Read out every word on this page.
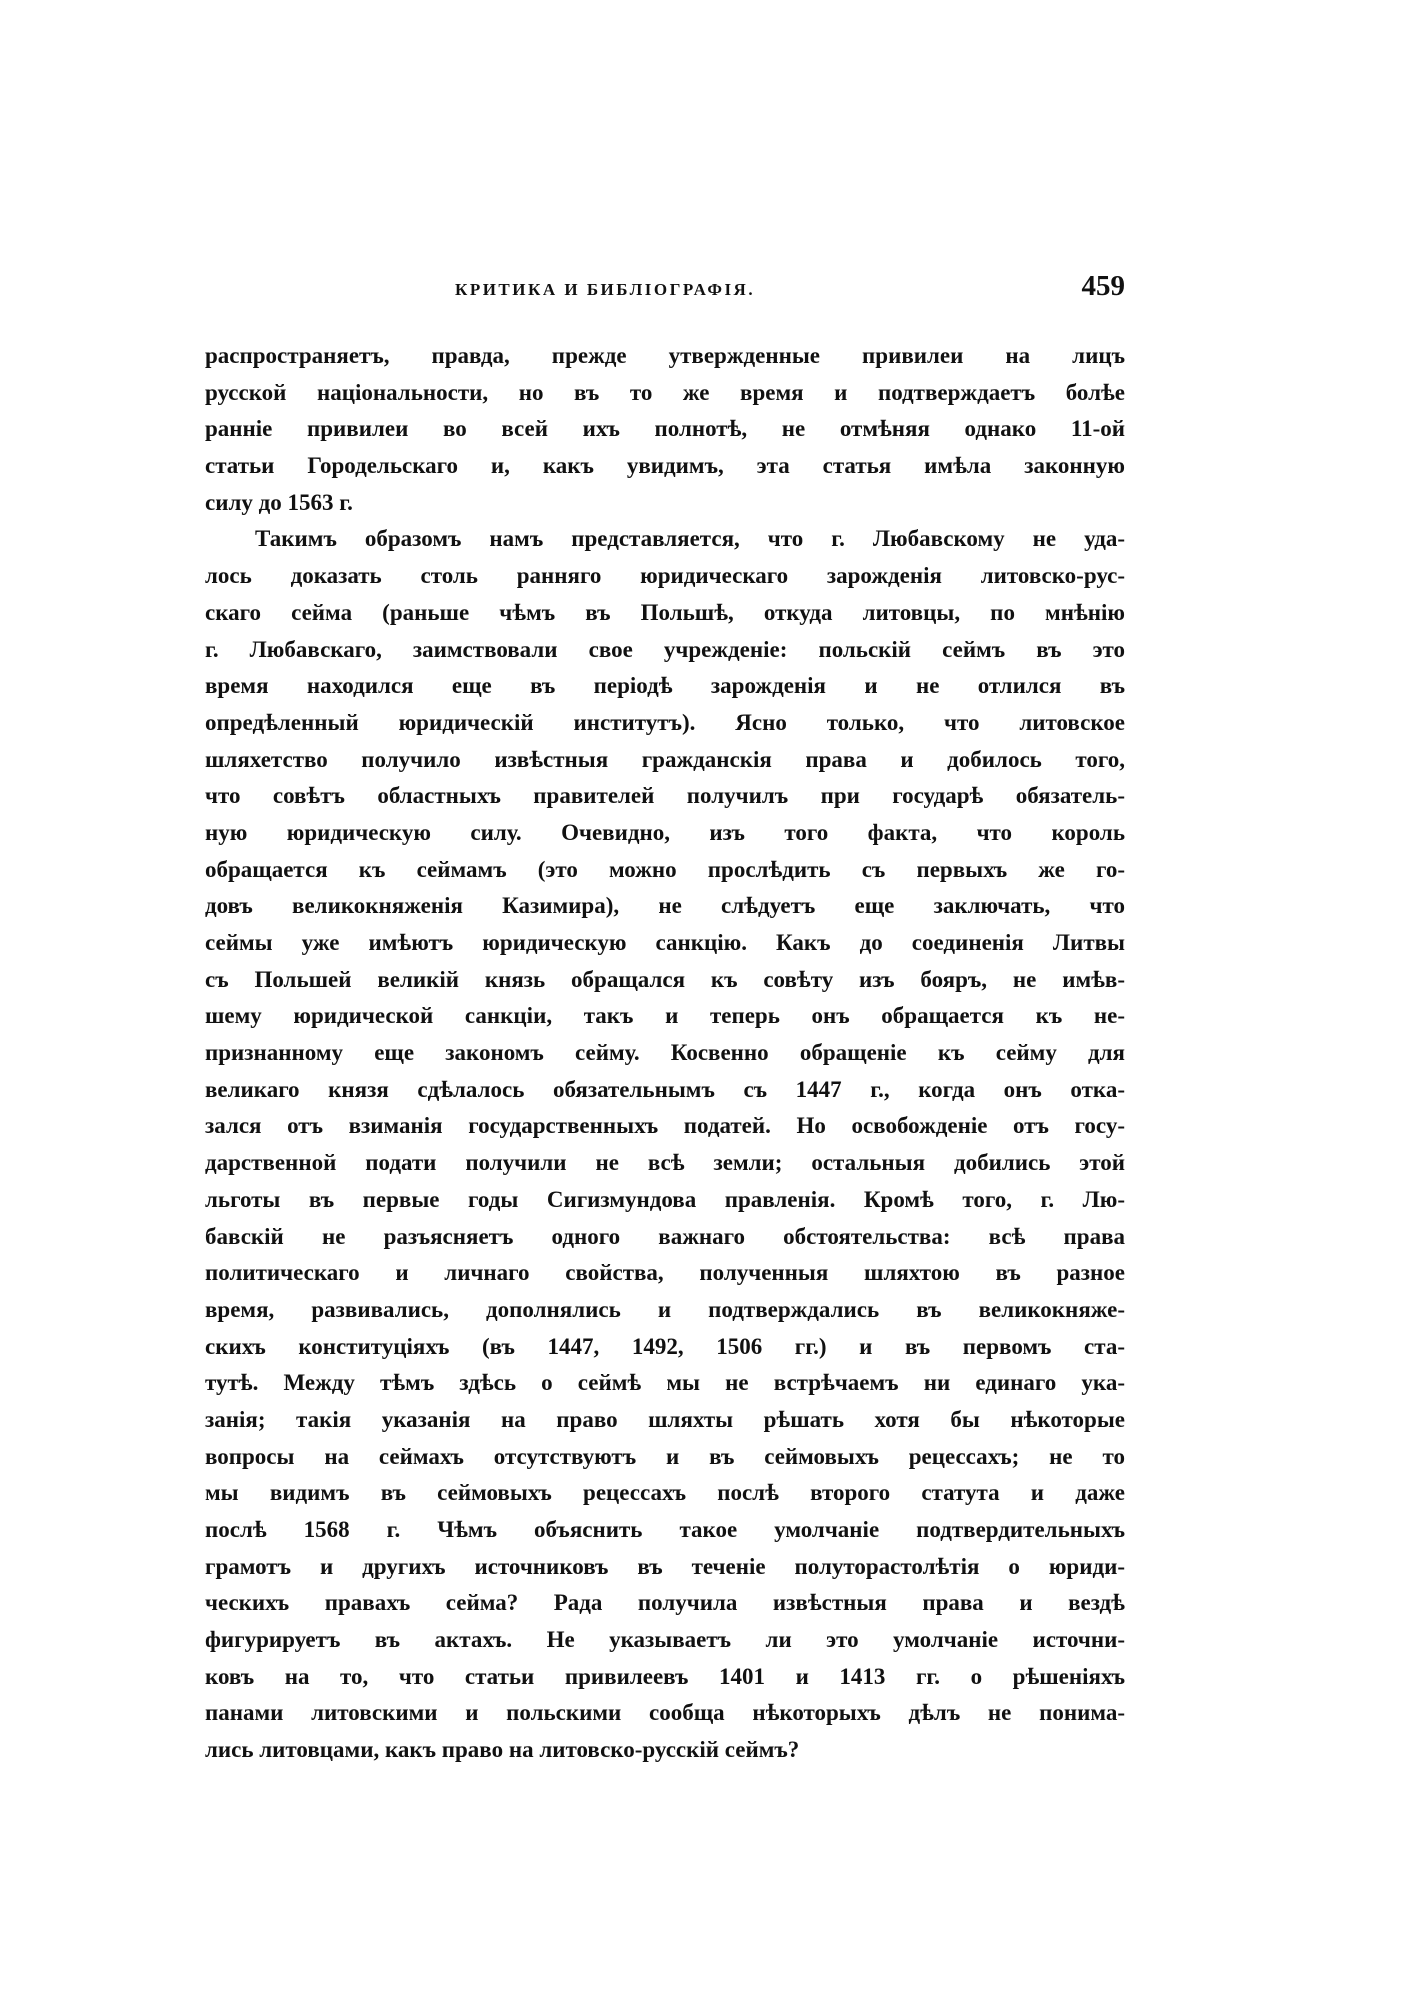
КРИТИКА И БИБЛІОГРАФІЯ.	459
распространяетъ, правда, прежде утвержденные привилеи на лицъ
русской національности, но въ то же время и подтверждаетъ болѣе
ранніе привилеи во всей ихъ полнотѣ, не отмѣняя однако 11-ой
статьи Городельскаго и, какъ увидимъ, эта статья имѣла законную
силу до 1563 г.
Такимъ образомъ намъ представляется, что г. Любавскому не уда-
лось доказать столь ранняго юридическаго зарожденія литовско-рус-
скаго сейма (раньше чѣмъ въ Польшѣ, откуда литовцы, по мнѣнію
г. Любавскаго, заимствовали свое учрежденіе: польскій сеймъ въ это
время находился еще въ періодѣ зарожденія и не отлился въ
опредѣленный юридическій институтъ). Ясно только, что литовское
шляхетство получило извѣстныя гражданскія права и добилось того,
что совѣтъ областныхъ правителей получилъ при государѣ обязатель-
ную юридическую силу. Очевидно, изъ того факта, что король
обращается къ сеймамъ (это можно прослѣдить съ первыхъ же го-
довъ великокняженія Казимира), не слѣдуетъ еще заключать, что
сеймы уже имѣютъ юридическую санкцію. Какъ до соединенія Литвы
съ Польшей великій князь обращался къ совѣту изъ бояръ, не имѣв-
шему юридической санкціи, такъ и теперь онъ обращается къ не-
признанному еще закономъ сейму. Косвенно обращеніе къ сейму для
великаго князя сдѣлалось обязательнымъ съ 1447 г., когда онъ отка-
зался отъ взиманія государственныхъ податей. Но освобожденіе отъ госу-
дарственной подати получили не всѣ земли; остальныя добились этой
льготы въ первые годы Сигизмундова правленія. Кромѣ того, г. Лю-
бавскій не разъясняетъ одного важнаго обстоятельства: всѣ права
политическаго и личнаго свойства, полученныя шляхтою въ разное
время, развивались, дополнялись и подтверждались въ великокняже-
скихъ конституціяхъ (въ 1447, 1492, 1506 гг.) и въ первомъ ста-
тутѣ. Между тѣмъ здѣсь о сеймѣ мы не встрѣчаемъ ни единаго ука-
занія; такія указанія на право шляхты рѣшать хотя бы нѣкоторые
вопросы на сеймахъ отсутствуютъ и въ сеймовыхъ рецессахъ; не то
мы видимъ въ сеймовыхъ рецессахъ послѣ второго статута и даже
послѣ 1568 г. Чѣмъ объяснить такое умолчаніе подтвердительныхъ
грамотъ и другихъ источниковъ въ теченіе полуторастолѣтія о юриди-
ческихъ правахъ сейма? Рада получила извѣстныя права и вездѣ
фигурируетъ въ актахъ. Не указываетъ ли это умолчаніе источни-
ковъ на то, что статьи привилеевъ 1401 и 1413 гг. о рѣшеніяхъ
панами литовскими и польскими сообща нѣкоторыхъ дѣлъ не понима-
лись литовцами, какъ право на литовско-русскій сеймъ?
